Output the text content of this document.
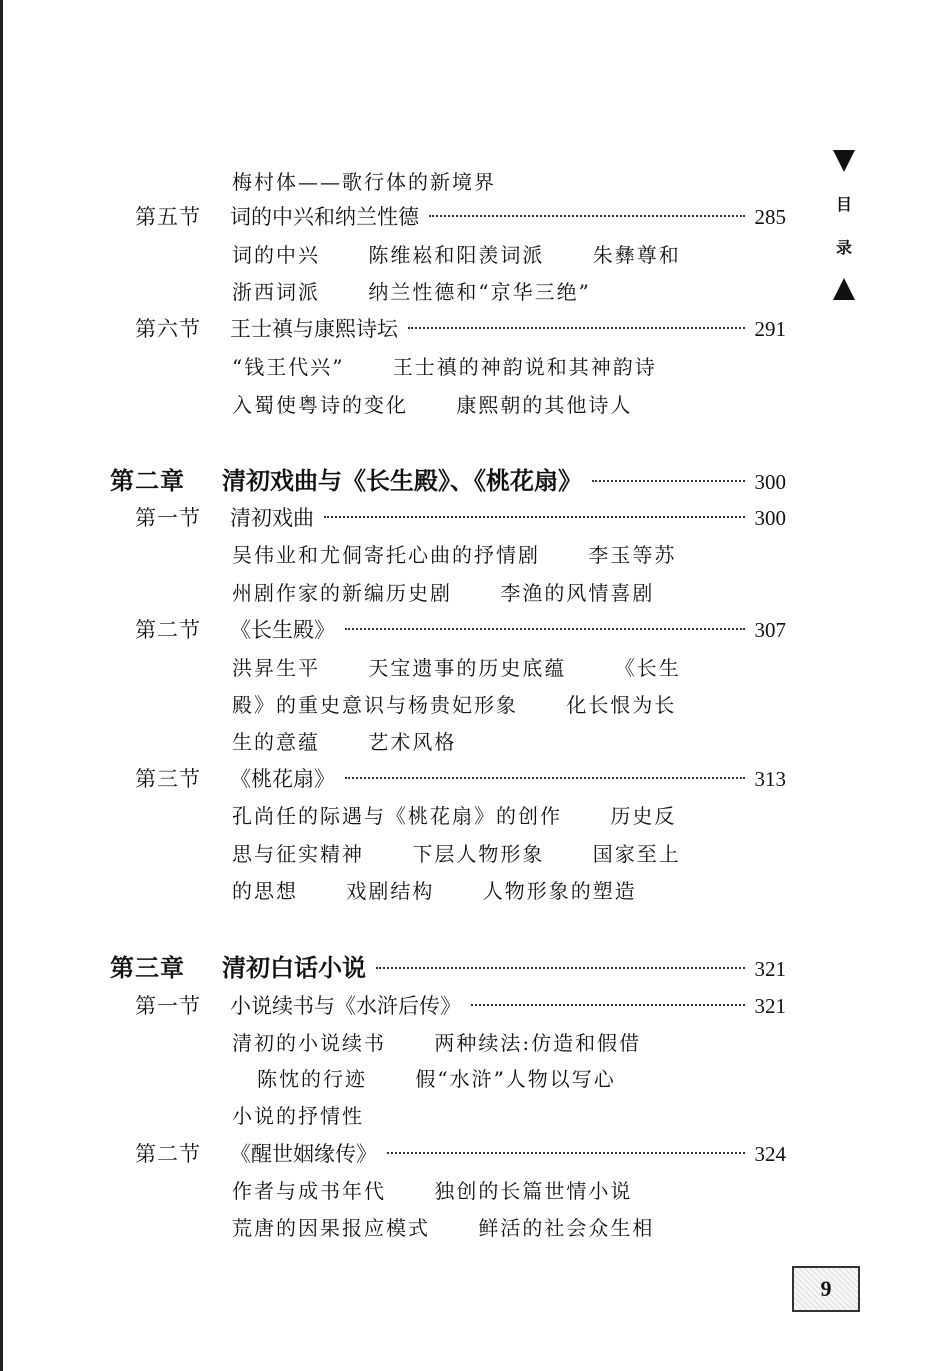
梅村体——歌行体的新境界
第五节 词的中兴和纳兰性德	285
词的中兴 陈维崧和阳羡词派 朱彝尊和
浙西词派 纳兰性德和“京华三绝”
第六节 王士禛与康熙诗坛	291
“钱王代兴” 王士禛的神韵说和其神韵诗
入蜀使粤诗的变化 康熙朝的其他诗人
第二章 清初戏曲与《长生殿》、《桃花扇》	300
第一节 清初戏曲	300
吴伟业和尤侗寄托心曲的抒情剧 李玉等苏
州剧作家的新编历史剧 李渔的风情喜剧
第二节 《长生殿》	307
洪昇生平 天宝遗事的历史底蕴 《长生
殿》的重史意识与杨贵妃形象 化长恨为长
生的意蕴 艺术风格
第三节 《桃花扇》	313
孔尚任的际遇与《桃花扇》的创作 历史反
思与征实精神 下层人物形象 国家至上
的思想 戏剧结构 人物形象的塑造
第三章 清初白话小说	321
第一节 小说续书与《水浒后传》	321
清初的小说续书 两种续法:仿造和假借
陈忱的行迹 假“水浒”人物以写心
小说的抒情性
第二节 《醒世姻缘传》	324
作者与成书年代 独创的长篇世情小说
荒唐的因果报应模式 鲜活的社会众生相
目
录
9
